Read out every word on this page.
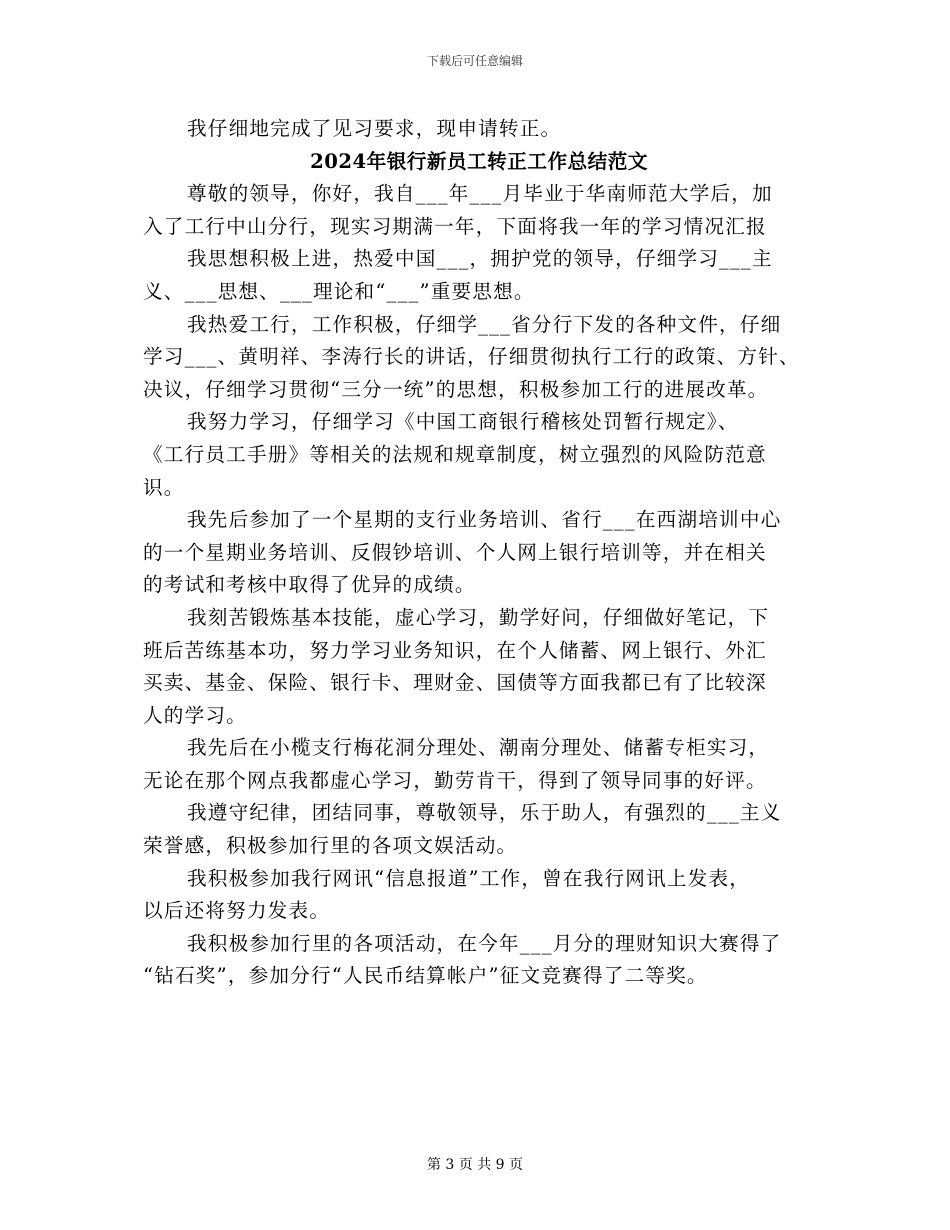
下载后可任意编辑
我仔细地完成了见习要求，现申请转正。
2024年银行新员工转正工作总结范文
尊敬的领导，你好，我自___年___月毕业于华南师范大学后，加
入了工行中山分行，现实习期满一年，下面将我一年的学习情况汇报
我思想积极上进，热爱中国___，拥护党的领导，仔细学习___主
义、___思想、___理论和“___”重要思想。
我热爱工行，工作积极，仔细学___省分行下发的各种文件，仔细
学习___、黄明祥、李涛行长的讲话，仔细贯彻执行工行的政策、方针、
决议，仔细学习贯彻“三分一统”的思想，积极参加工行的进展改革。
我努力学习，仔细学习《中国工商银行稽核处罚暂行规定》、
《工行员工手册》等相关的法规和规章制度，树立强烈的风险防范意
识。
我先后参加了一个星期的支行业务培训、省行___在西湖培训中心
的一个星期业务培训、反假钞培训、个人网上银行培训等，并在相关
的考试和考核中取得了优异的成绩。
我刻苦锻炼基本技能，虚心学习，勤学好问，仔细做好笔记，下
班后苦练基本功，努力学习业务知识，在个人储蓄、网上银行、外汇
买卖、基金、保险、银行卡、理财金、国债等方面我都已有了比较深
人的学习。
我先后在小榄支行梅花洞分理处、潮南分理处、储蓄专柜实习，
无论在那个网点我都虚心学习，勤劳肯干，得到了领导同事的好评。
我遵守纪律，团结同事，尊敬领导，乐于助人，有强烈的___主义
荣誉感，积极参加行里的各项文娱活动。
我积极参加我行网讯“信息报道”工作，曾在我行网讯上发表，
以后还将努力发表。
我积极参加行里的各项活动，在今年___月分的理财知识大赛得了
“钻石奖”，参加分行“人民币结算帐户”征文竞赛得了二等奖。
第 3 页 共 9 页
